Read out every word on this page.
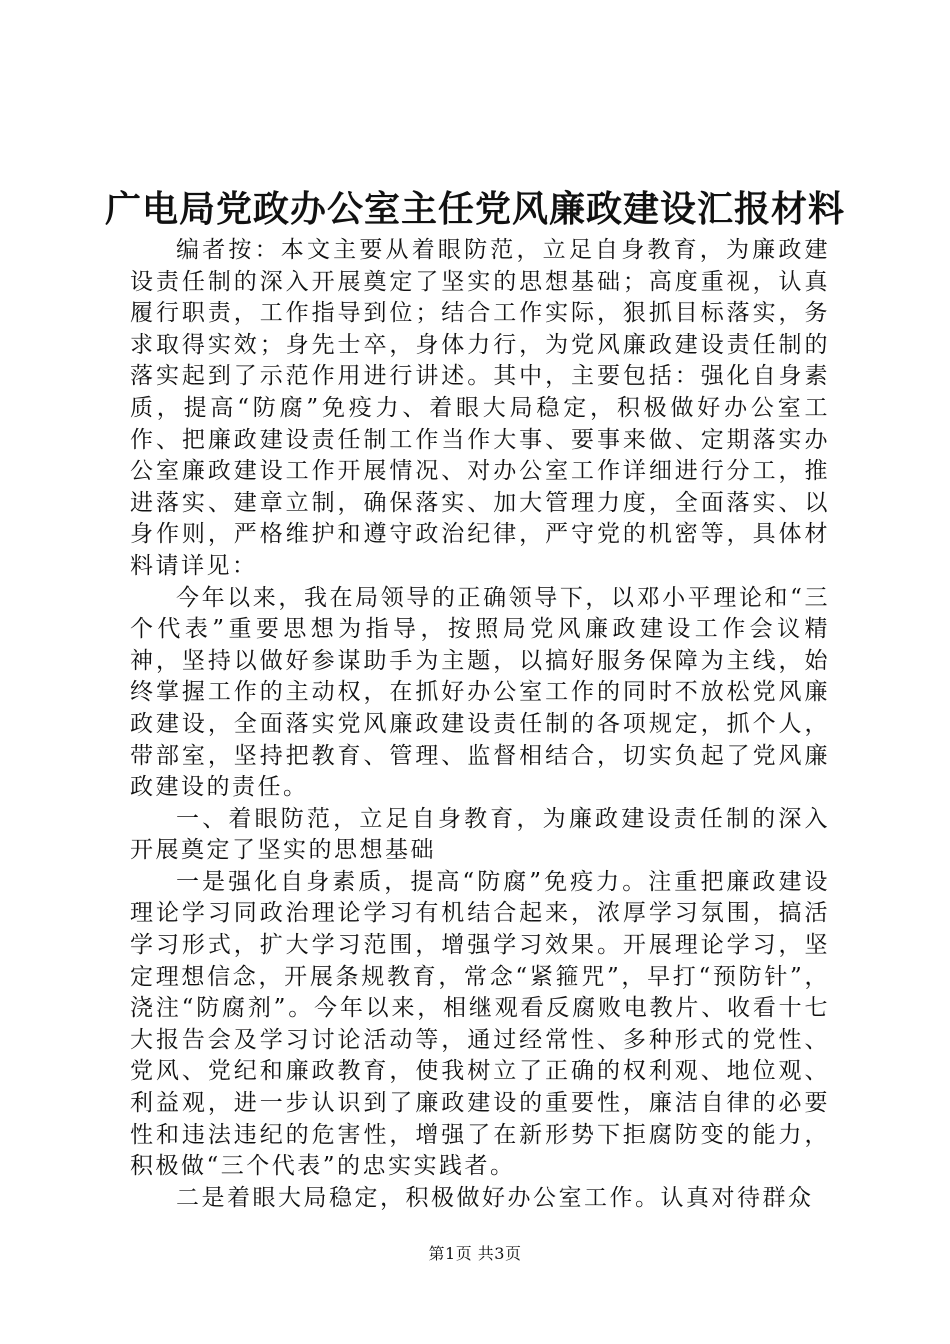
广电局党政办公室主任党风廉政建设汇报材料

编者按：本文主要从着眼防范，立足自身教育，为廉政建设责任制的深入开展奠定了坚实的思想基础；高度重视，认真履行职责，工作指导到位；结合工作实际，狠抓目标落实，务求取得实效；身先士卒，身体力行，为党风廉政建设责任制的落实起到了示范作用进行讲述。其中，主要包括：强化自身素质，提高“防腐”免疫力、着眼大局稳定，积极做好办公室工作、把廉政建设责任制工作当作大事、要事来做、定期落实办公室廉政建设工作开展情况、对办公室工作详细进行分工，推进落实、建章立制，确保落实、加大管理力度，全面落实、以身作则，严格维护和遵守政治纪律，严守党的机密等，具体材料请详见：

今年以来，我在局领导的正确领导下，以邓小平理论和“三个代表”重要思想为指导，按照局党风廉政建设工作会议精神，坚持以做好参谋助手为主题，以搞好服务保障为主线，始终掌握工作的主动权，在抓好办公室工作的同时不放松党风廉政建设，全面落实党风廉政建设责任制的各项规定，抓个人，带部室，坚持把教育、管理、监督相结合，切实负起了党风廉政建设的责任。

一、着眼防范，立足自身教育，为廉政建设责任制的深入开展奠定了坚实的思想基础

一是强化自身素质，提高“防腐”免疫力。注重把廉政建设理论学习同政治理论学习有机结合起来，浓厚学习氛围，搞活学习形式，扩大学习范围，增强学习效果。开展理论学习，坚定理想信念，开展条规教育，常念“紧箍咒”，早打“预防针”，浇注“防腐剂”。今年以来，相继观看反腐败电教片、收看十七大报告会及学习讨论活动等，通过经常性、多种形式的党性、党风、党纪和廉政教育，使我树立了正确的权利观、地位观、利益观，进一步认识到了廉政建设的重要性，廉洁自律的必要性和违法违纪的危害性，增强了在新形势下拒腐防变的能力，积极做“三个代表”的忠实实践者。

二是着眼大局稳定，积极做好办公室工作。认真对待群众

第1页 共3页
